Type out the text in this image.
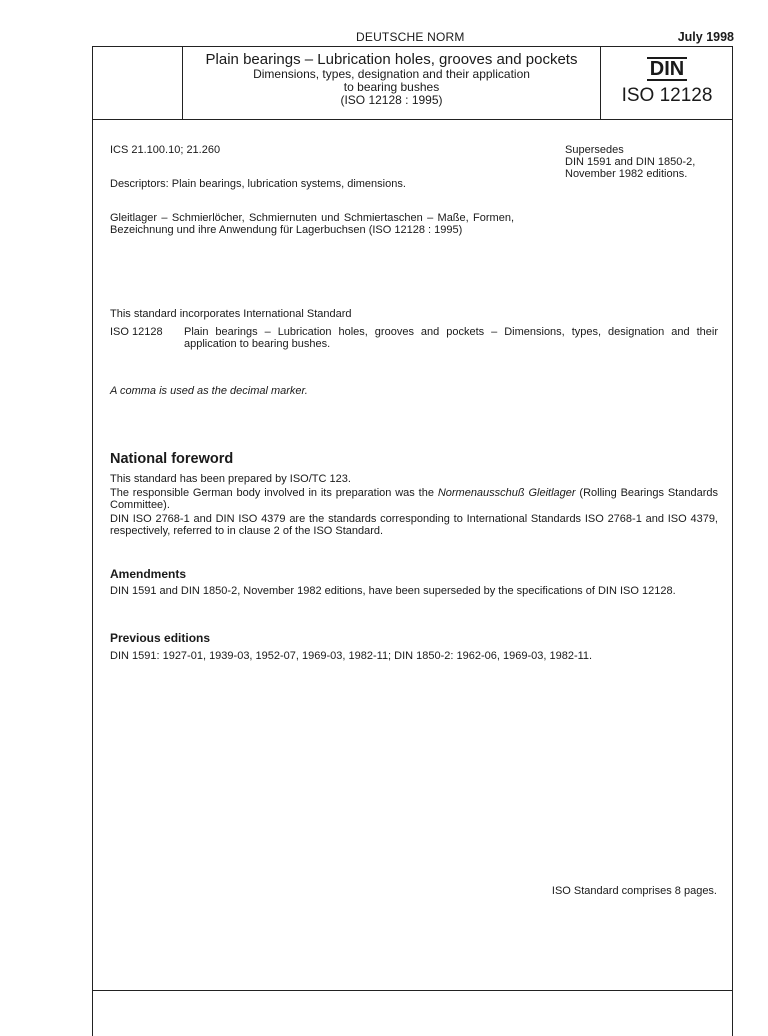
DEUTSCHE NORM	July 1998
Plain bearings – Lubrication holes, grooves and pockets
Dimensions, types, designation and their application
to bearing bushes
(ISO 12128 : 1995)
DIN
ISO 12128
ICS 21.100.10; 21.260	Supersedes
DIN 1591 and DIN 1850-2,
November 1982 editions.
Descriptors: Plain bearings, lubrication systems, dimensions.
Gleitlager – Schmierlöcher, Schmiernuten und Schmiertaschen – Maße, Formen, Bezeichnung und ihre Anwendung für Lagerbuchsen (ISO 12128 : 1995)
This standard incorporates International Standard
ISO 12128	Plain bearings – Lubrication holes, grooves and pockets – Dimensions, types, designation and their application to bearing bushes.
A comma is used as the decimal marker.
National foreword

This standard has been prepared by ISO/TC 123.

The responsible German body involved in its preparation was the Normenausschuß Gleitlager (Rolling Bearings Standards Committee).

DIN ISO 2768-1 and DIN ISO 4379 are the standards corresponding to International Standards ISO 2768-1 and ISO 4379, respectively, referred to in clause 2 of the ISO Standard.

Amendments
DIN 1591 and DIN 1850-2, November 1982 editions, have been superseded by the specifications of DIN ISO 12128.
Previous editions
DIN 1591: 1927-01, 1939-03, 1952-07, 1969-03, 1982-11; DIN 1850-2: 1962-06, 1969-03, 1982-11.
ISO Standard comprises 8 pages.
